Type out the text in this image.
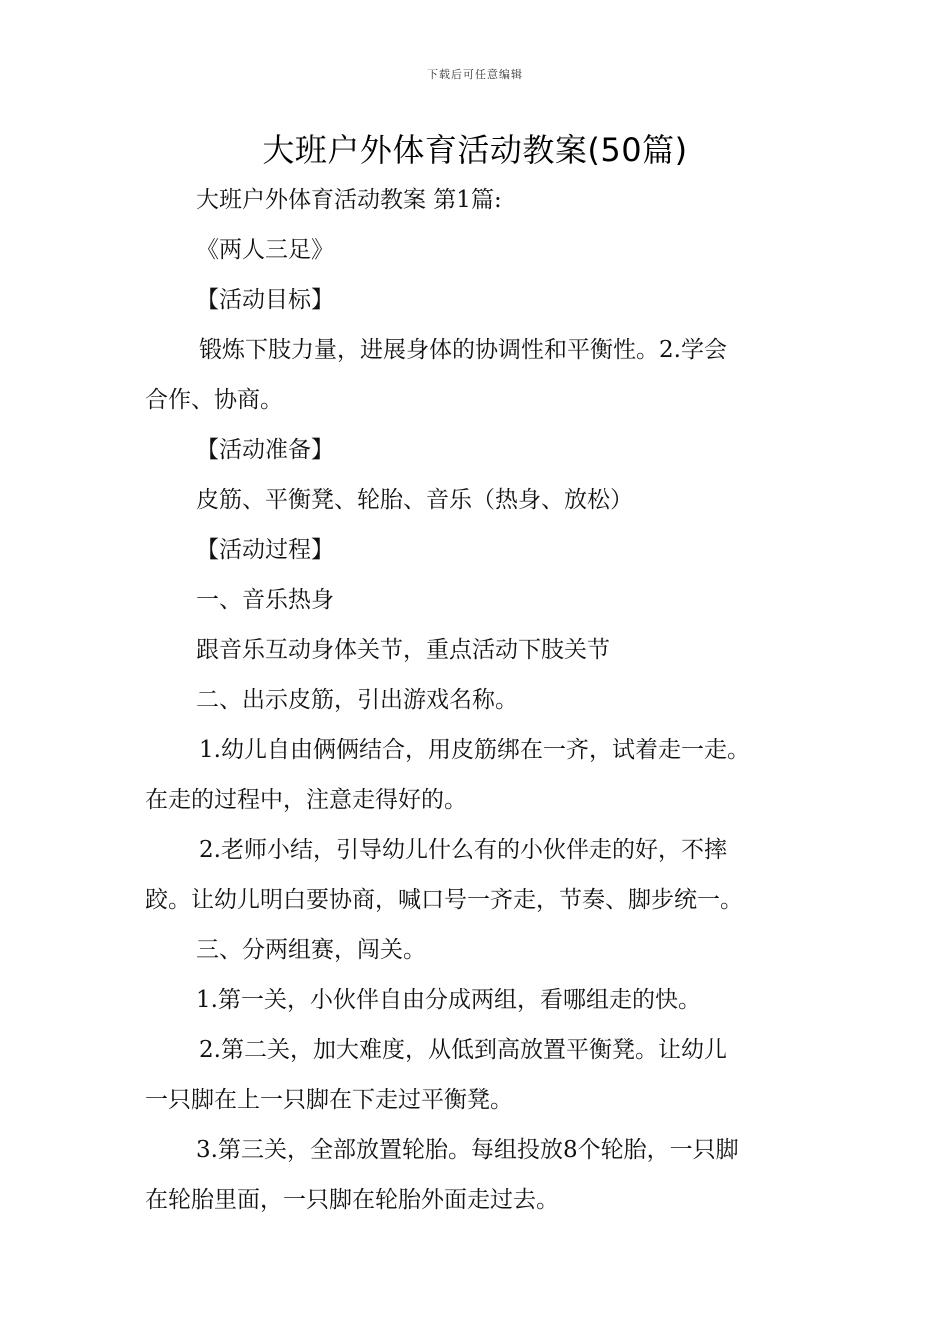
下载后可任意编辑
大班户外体育活动教案(50篇)

大班户外体育活动教案 第1篇:

《两人三足》

【活动目标】

锻炼下肢力量，进展身体的协调性和平衡性。2.学会

合作、协商。

【活动准备】

皮筋、平衡凳、轮胎、音乐（热身、放松）

【活动过程】

一、音乐热身

跟音乐互动身体关节，重点活动下肢关节

二、出示皮筋，引出游戏名称。

1.幼儿自由俩俩结合，用皮筋绑在一齐，试着走一走。

在走的过程中，注意走得好的。

2.老师小结，引导幼儿什么有的小伙伴走的好，不摔

跤。让幼儿明白要协商，喊口号一齐走，节奏、脚步统一。

三、分两组赛，闯关。

1.第一关，小伙伴自由分成两组，看哪组走的快。

2.第二关，加大难度，从低到高放置平衡凳。让幼儿

一只脚在上一只脚在下走过平衡凳。

3.第三关，全部放置轮胎。每组投放8个轮胎，一只脚

在轮胎里面，一只脚在轮胎外面走过去。
